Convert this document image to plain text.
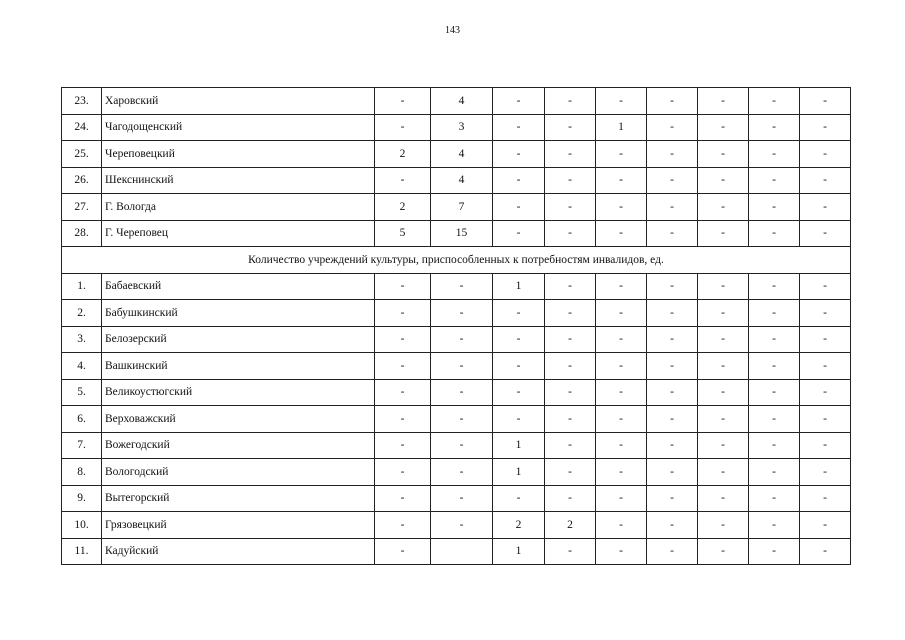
143
23.	Харовский	-	4	-	-	-	-	-	-	-
24.	Чагодощенский	-	3	-	-	1	-	-	-	-
25.	Череповецкий	2	4	-	-	-	-	-	-	-
26.	Шекснинский	-	4	-	-	-	-	-	-	-
27.	Г. Вологда	2	7	-	-	-	-	-	-	-
28.	Г. Череповец	5	15	-	-	-	-	-	-	-
Количество учреждений культуры, приспособленных к потребностям инвалидов, ед.										
1.	Бабаевский	-	-	1	-	-	-	-	-	-
2.	Бабушкинский	-	-	-	-	-	-	-	-	-
3.	Белозерский	-	-	-	-	-	-	-	-	-
4.	Вашкинский	-	-	-	-	-	-	-	-	-
5.	Великоустюгский	-	-	-	-	-	-	-	-	-
6.	Верховажский	-	-	-	-	-	-	-	-	-
7.	Вожегодский	-	-	1	-	-	-	-	-	-
8.	Вологодский	-	-	1	-	-	-	-	-	-
9.	Вытегорский	-	-	-	-	-	-	-	-	-
10.	Грязовецкий	-	-	2	2	-	-	-	-	-
11.	Кадуйский	-		1	-	-	-	-	-	-
